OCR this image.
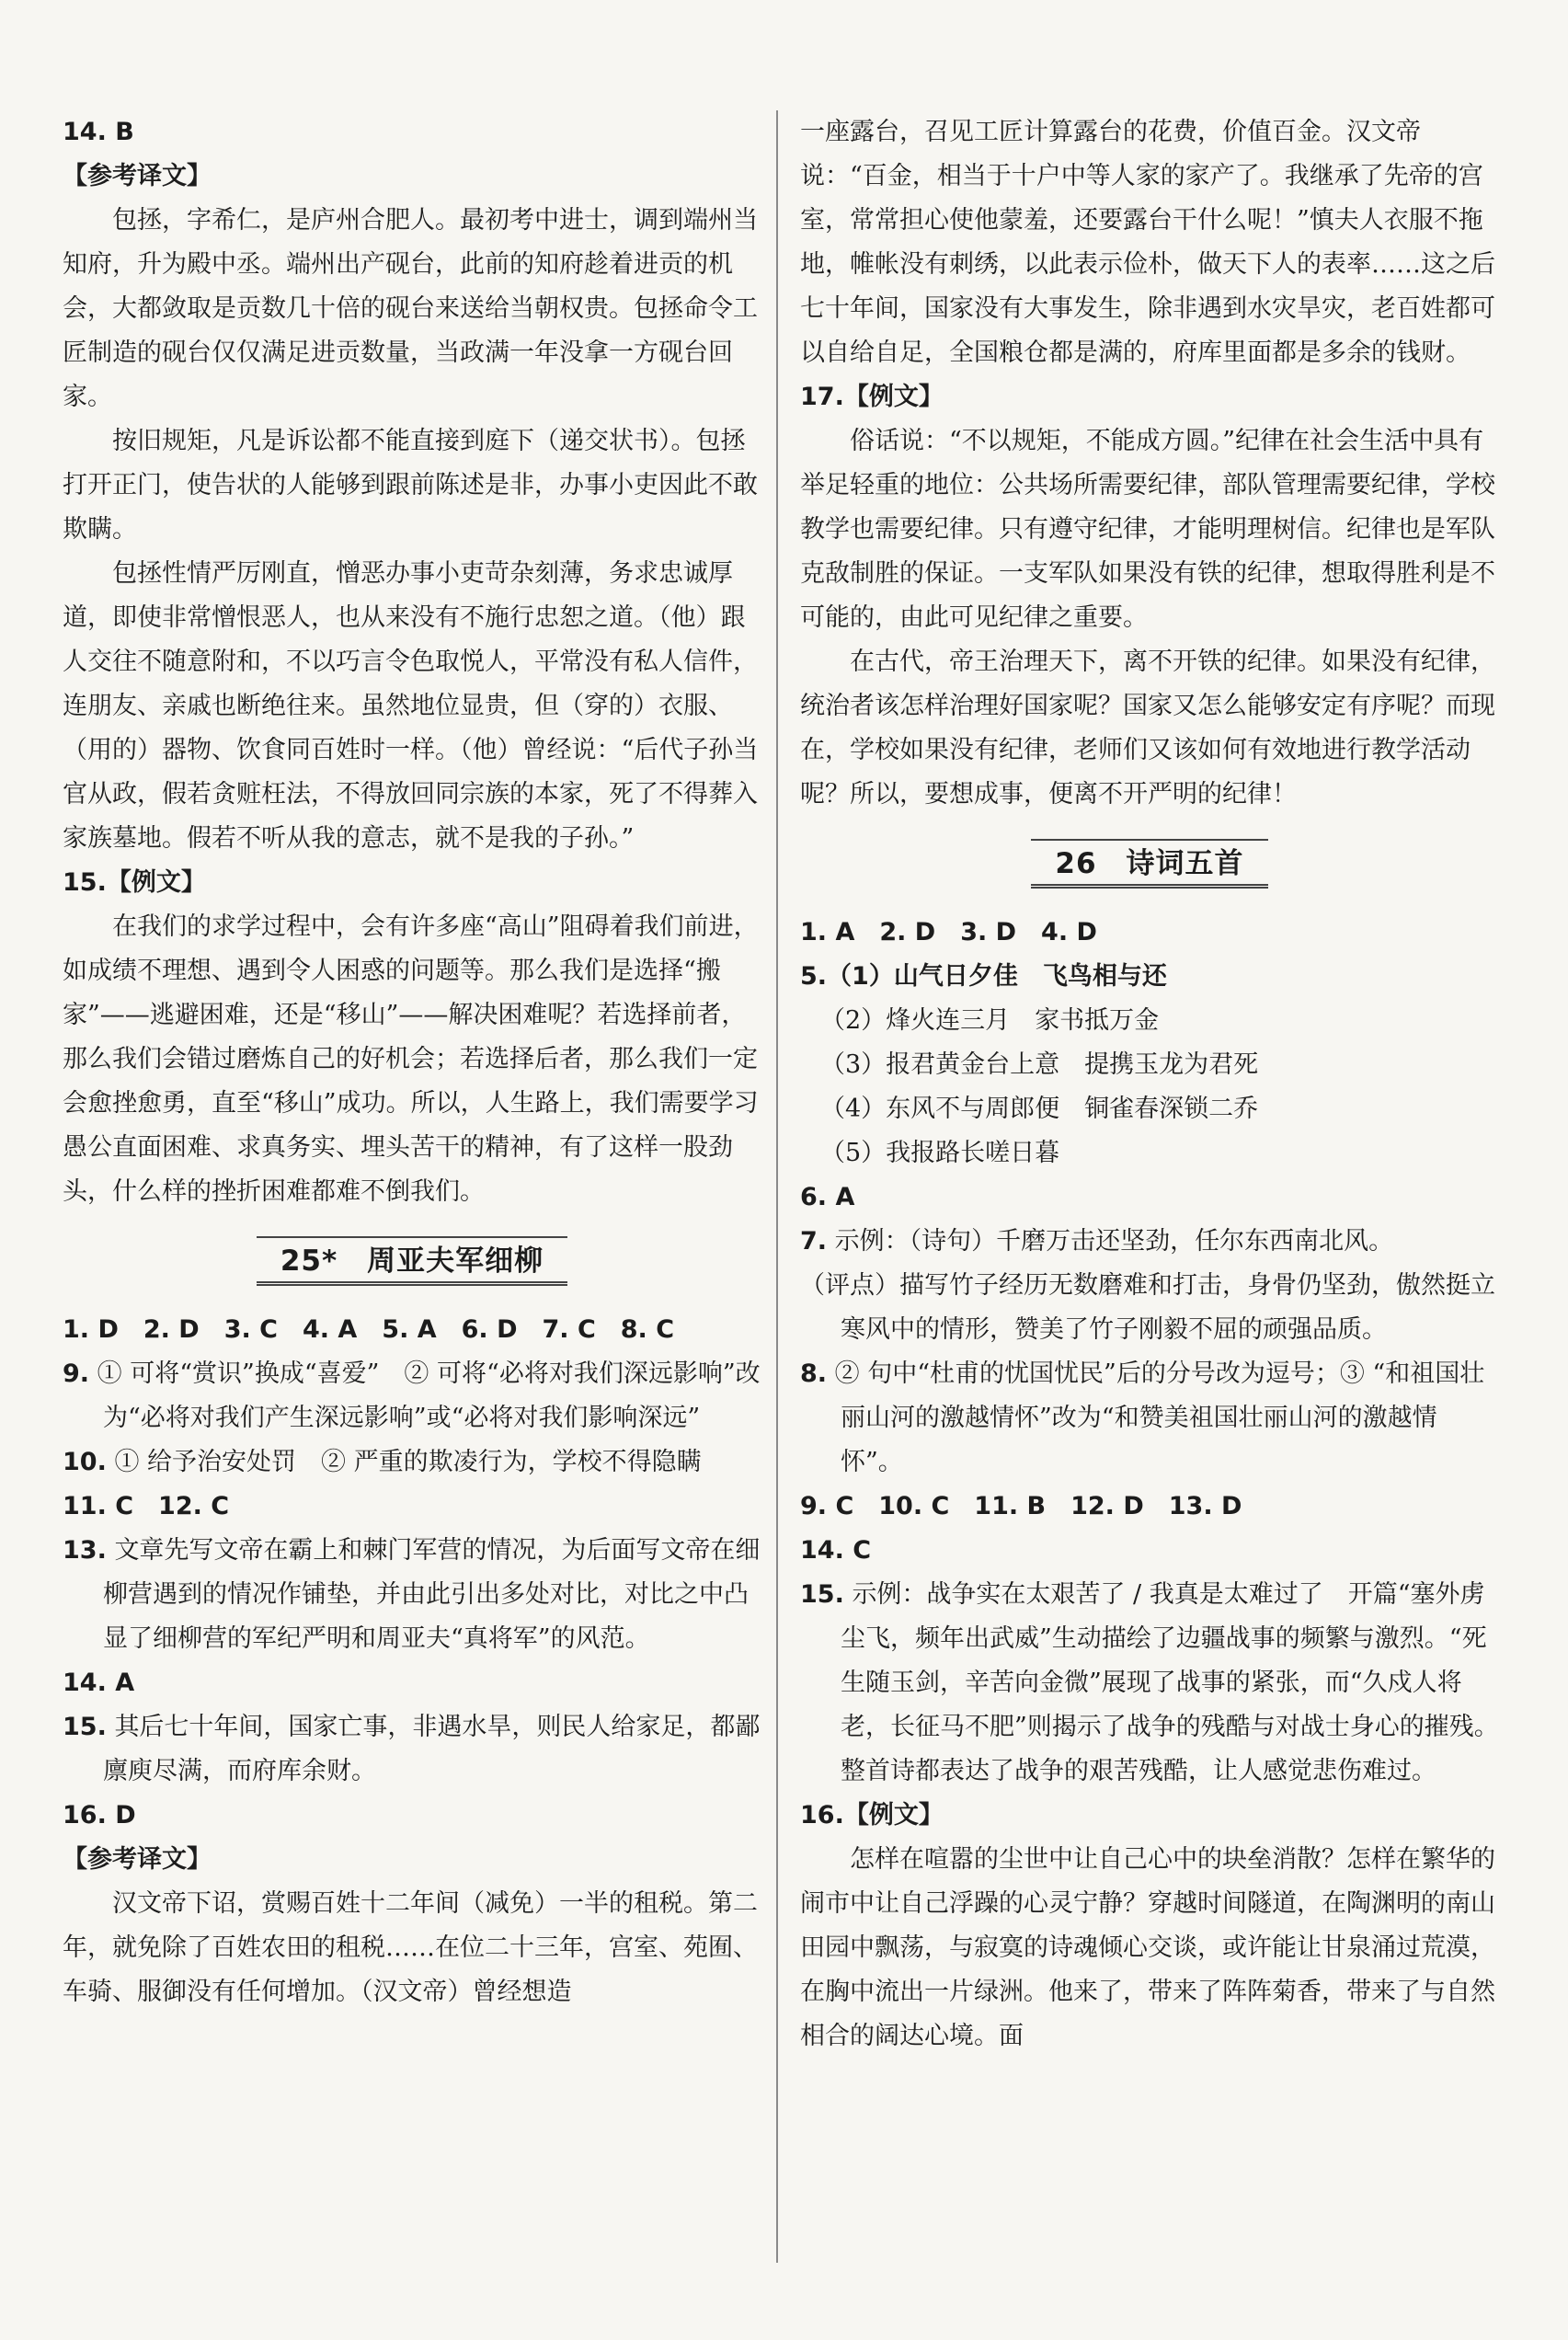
14. B

【参考译文】

包拯，字希仁，是庐州合肥人。最初考中进士，调到端州当知府，升为殿中丞。端州出产砚台，此前的知府趁着进贡的机会，大都敛取是贡数几十倍的砚台来送给当朝权贵。包拯命令工匠制造的砚台仅仅满足进贡数量，当政满一年没拿一方砚台回家。

按旧规矩，凡是诉讼都不能直接到庭下（递交状书）。包拯打开正门，使告状的人能够到跟前陈述是非，办事小吏因此不敢欺瞒。

包拯性情严厉刚直，憎恶办事小吏苛杂刻薄，务求忠诚厚道，即使非常憎恨恶人，也从来没有不施行忠恕之道。（他）跟人交往不随意附和，不以巧言令色取悦人，平常没有私人信件，连朋友、亲戚也断绝往来。虽然地位显贵，但（穿的）衣服、（用的）器物、饮食同百姓时一样。（他）曾经说：“后代子孙当官从政，假若贪赃枉法，不得放回同宗族的本家，死了不得葬入家族墓地。假若不听从我的意志，就不是我的子孙。”

15.【例文】

在我们的求学过程中，会有许多座“高山”阻碍着我们前进，如成绩不理想、遇到令人困惑的问题等。那么我们是选择“搬家”——逃避困难，还是“移山”——解决困难呢？若选择前者，那么我们会错过磨炼自己的好机会；若选择后者，那么我们一定会愈挫愈勇，直至“移山”成功。所以，人生路上，我们需要学习愚公直面困难、求真务实、埋头苦干的精神，有了这样一股劲头，什么样的挫折困难都难不倒我们。

25*　周亚夫军细柳

1. D　2. D　3. C　4. A　5. A　6. D　7. C　8. C

9. ① 可将“赏识”换成“喜爱”　② 可将“必将对我们深远影响”改为“必将对我们产生深远影响”或“必将对我们影响深远”

10. ① 给予治安处罚　② 严重的欺凌行为，学校不得隐瞒

11. C　12. C

13. 文章先写文帝在霸上和棘门军营的情况，为后面写文帝在细柳营遇到的情况作铺垫，并由此引出多处对比，对比之中凸显了细柳营的军纪严明和周亚夫“真将军”的风范。

14. A

15. 其后七十年间，国家亡事，非遇水旱，则民人给家足，都鄙廪庾尽满，而府库余财。

16. D

【参考译文】

汉文帝下诏，赏赐百姓十二年间（减免）一半的租税。第二年，就免除了百姓农田的租税……在位二十三年，宫室、苑囿、车骑、服御没有任何增加。（汉文帝）曾经想造

一座露台，召见工匠计算露台的花费，价值百金。汉文帝说：“百金，相当于十户中等人家的家产了。我继承了先帝的宫室，常常担心使他蒙羞，还要露台干什么呢！”慎夫人衣服不拖地，帷帐没有刺绣，以此表示俭朴，做天下人的表率……这之后七十年间，国家没有大事发生，除非遇到水灾旱灾，老百姓都可以自给自足，全国粮仓都是满的，府库里面都是多余的钱财。

17.【例文】

俗话说：“不以规矩，不能成方圆。”纪律在社会生活中具有举足轻重的地位：公共场所需要纪律，部队管理需要纪律，学校教学也需要纪律。只有遵守纪律，才能明理树信。纪律也是军队克敌制胜的保证。一支军队如果没有铁的纪律，想取得胜利是不可能的，由此可见纪律之重要。

在古代，帝王治理天下，离不开铁的纪律。如果没有纪律，统治者该怎样治理好国家呢？国家又怎么能够安定有序呢？而现在，学校如果没有纪律，老师们又该如何有效地进行教学活动呢？所以，要想成事，便离不开严明的纪律！

26　诗词五首

1. A　2. D　3. D　4. D

5.（1）山气日夕佳　飞鸟相与还

（2）烽火连三月　家书抵万金

（3）报君黄金台上意　提携玉龙为君死

（4）东风不与周郎便　铜雀春深锁二乔

（5）我报路长嗟日暮

6. A

7. 示例：（诗句）千磨万击还坚劲，任尔东西南北风。

（评点）描写竹子经历无数磨难和打击，身骨仍坚劲，傲然挺立寒风中的情形，赞美了竹子刚毅不屈的顽强品质。

8. ② 句中“杜甫的忧国忧民”后的分号改为逗号；③ “和祖国壮丽山河的激越情怀”改为“和赞美祖国壮丽山河的激越情怀”。

9. C　10. C　11. B　12. D　13. D

14. C

15. 示例：战争实在太艰苦了 / 我真是太难过了　开篇“塞外虏尘飞，频年出武威”生动描绘了边疆战事的频繁与激烈。“死生随玉剑，辛苦向金微”展现了战事的紧张，而“久戍人将老，长征马不肥”则揭示了战争的残酷与对战士身心的摧残。整首诗都表达了战争的艰苦残酷，让人感觉悲伤难过。

16.【例文】

怎样在喧嚣的尘世中让自己心中的块垒消散？怎样在繁华的闹市中让自己浮躁的心灵宁静？穿越时间隧道，在陶渊明的南山田园中飘荡，与寂寞的诗魂倾心交谈，或许能让甘泉涌过荒漠，在胸中流出一片绿洲。他来了，带来了阵阵菊香，带来了与自然相合的阔达心境。面
